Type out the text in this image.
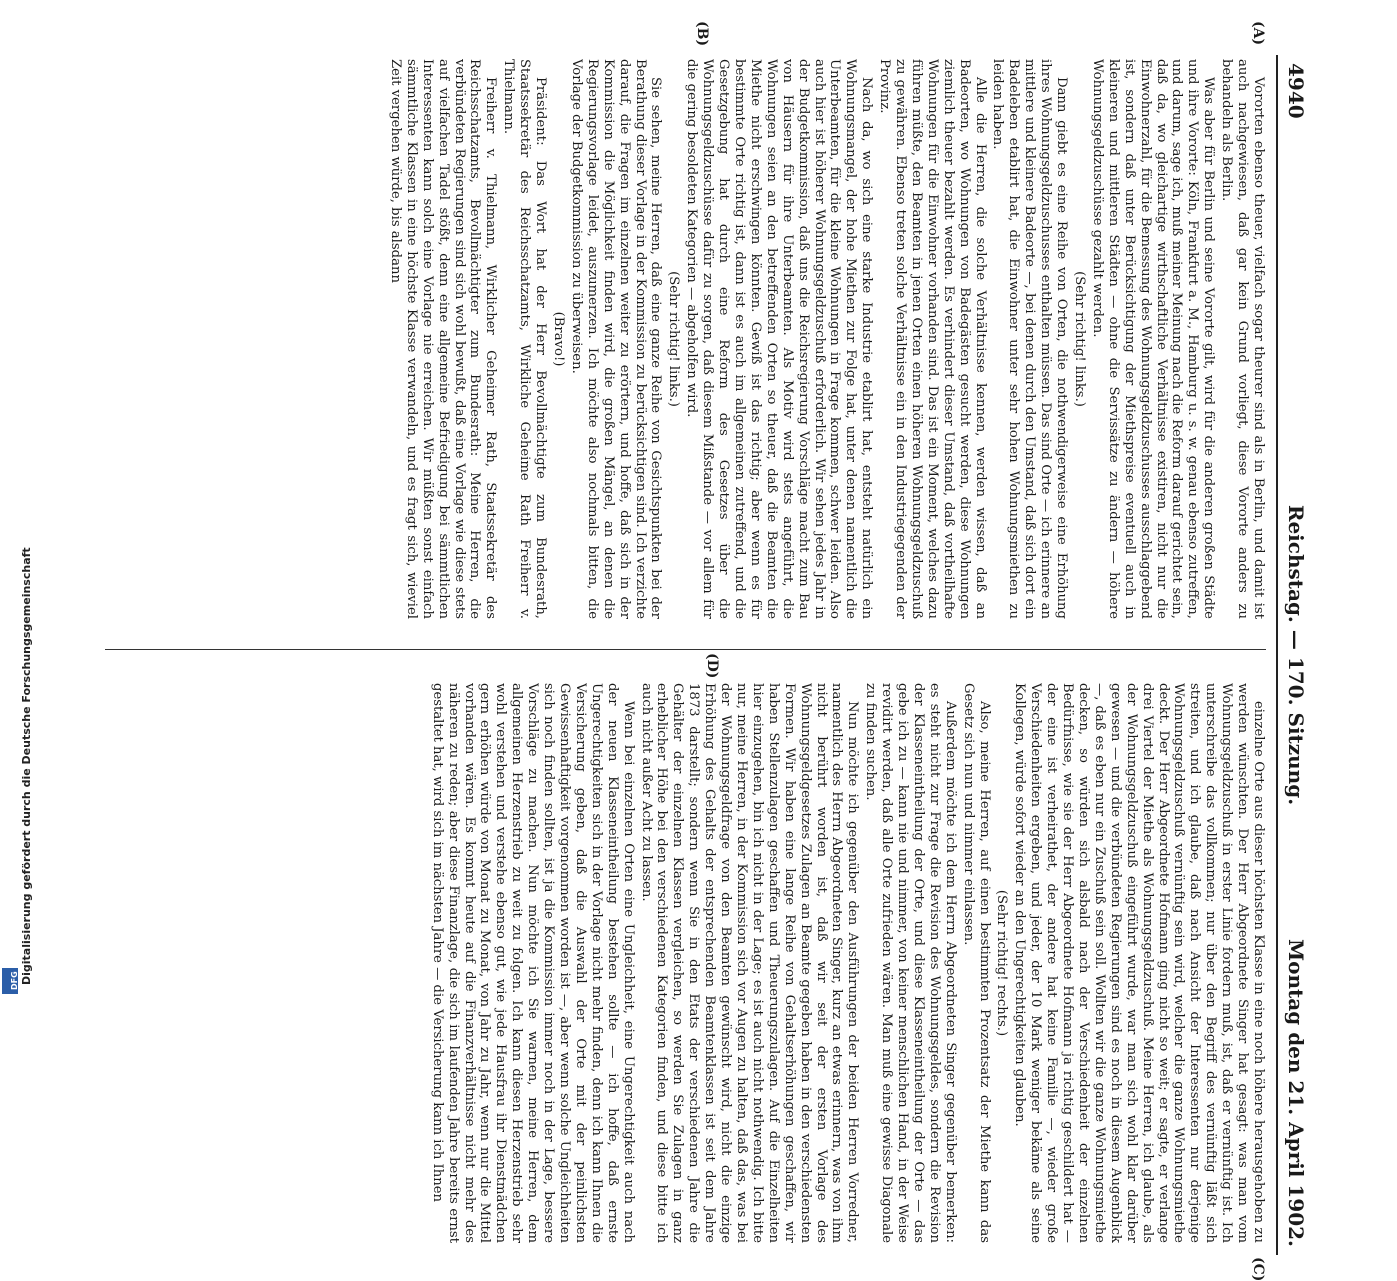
Digitalisierung gefördert durch die Deutsche Forschungsgemeinschaft
DFG
4940
Reichstag. — 170. Sitzung.
Montag den 21. April 1902.
(A)
(B)
(C)
(D)

Vororten ebenso theuer, vielfach sogar theurer sind als in Berlin, und damit ist auch nachgewiesen, daß gar kein Grund vorliegt, diese Vororte anders zu behandeln als Berlin.

Was aber für Berlin und seine Vororte gilt, wird für die anderen großen Städte und ihre Vororte: Köln, Frankfurt a. M., Hamburg u. s. w. genau ebenso zutreffen, und darum, sage ich, muß meiner Meinung nach die Reform darauf gerichtet sein, daß da, wo gleichartige wirthschaftliche Verhältnisse existiren, nicht nur die Einwohnerzahl, für die Bemessung des Wohnungsgeldzuschusses ausschlaggebend ist, sondern daß unter Berücksichtigung der Miethspreise eventuell auch in kleineren und mittleren Städten — ohne die Servissätze zu ändern — höhere Wohnungsgeldzuschüsse gezahlt werden.

(Sehr richtig! links.)

Dann giebt es eine Reihe von Orten, die nothwendigerweise eine Erhöhung ihres Wohnungsgeldzuschusses enthalten müssen. Das sind Orte — ich erinnere an mittlere und kleinere Badeorte —, bei denen durch den Umstand, daß sich dort ein Badeleben etablirt hat, die Einwohner unter sehr hohen Wohnungsmiethen zu leiden haben.

Alle die Herren, die solche Verhältnisse kennen, werden wissen, daß an Badeorten, wo Wohnungen von Badegästen gesucht werden, diese Wohnungen ziemlich theuer bezahlt werden. Es verhindert dieser Umstand, daß vortheilhafte Wohnungen für die Einwohner vorhanden sind. Das ist ein Moment, welches dazu führen müßte, den Beamten in jenen Orten einen höheren Wohnungsgeldzuschuß zu gewähren. Ebenso treten solche Verhältnisse ein in den Industriegegenden der Provinz.

Nach da, wo sich eine starke Industrie etablirt hat, entsteht natürlich ein Wohnungsmangel, der hohe Miethen zur Folge hat, unter denen namentlich die Unterbeamten, für die kleine Wohnungen in Frage kommen, schwer leiden. Also auch hier ist höherer Wohnungsgeldzuschuß erforderlich. Wir sehen jedes Jahr in der Budgetkommission, daß uns die Reichsregierung Vorschläge macht zum Bau von Häusern für ihre Unterbeamten. Als Motiv wird stets angeführt, die Wohnungen seien an den betreffenden Orten so theuer, daß die Beamten die Miethe nicht erschwingen könnten. Gewiß ist das richtig; aber wenn es für bestimmte Orte richtig ist, dann ist es auch im allgemeinen zutreffend, und die Gesetzgebung hat durch eine Reform des Gesetzes über die Wohnungsgeldzuschüsse dafür zu sorgen, daß diesem Mißstande — vor allem für die gering besoldeten Kategorien — abgeholfen wird.

(Sehr richtig! links.)

Sie sehen, meine Herren, daß eine ganze Reihe von Gesichtspunkten bei der Berathung dieser Vorlage in der Kommission zu berücksichtigen sind. Ich verzichte darauf, die Fragen im einzelnen weiter zu erörtern, und hoffe, daß sich in der Kommission die Möglichkeit finden wird, die großen Mängel, an denen die Regierungsvorlage leidet, auszumerzen. Ich möchte also nochmals bitten, die Vorlage der Budgetkommission zu überweisen.

(Bravo!)

Präsident: Das Wort hat der Herr Bevollmächtigte zum Bundesrath, Staatssekretär des Reichsschatzamts, Wirkliche Geheime Rath Freiherr v. Thielmann.

Freiherr v. Thielmann, Wirklicher Geheimer Rath, Staatssekretär des Reichsschatzamts, Bevollmächtigter zum Bundesrath: Meine Herren, die verbündeten Regierungen sind sich wohl bewußt, daß eine Vorlage wie diese stets auf vielfachen Tadel stößt, denn eine allgemeine Befriedigung bei sämmtlichen Interessenten kann solch eine Vorlage nie erreichen. Wir müßten sonst einfach sämmtliche Klassen in eine höchste Klasse verwandeln, und es fragt sich, wieviel Zeit vergehen würde, bis alsdann

einzelne Orte aus dieser höchsten Klasse in eine noch höhere herausgehoben zu werden wünschten. Der Herr Abgeordnete Singer hat gesagt: was man vom Wohnungsgeldzuschuß in erster Linie fordern muß, ist, daß er vernünftig ist. Ich unterschreibe das vollkommen; nur über den Begriff des vernünftig läßt sich streiten, und ich glaube, daß nach Ansicht der Interessenten nur derjenige Wohnungsgeldzuschuß vernünftig sein wird, welcher die ganze Wohnungsmiethe deckt. Der Herr Abgeordnete Hofmann ging nicht so weit; er sagte, er verlange drei Viertel der Miethe als Wohnungsgeldzuschuß. Meine Herren, ich glaube, als der Wohnungsgeldzuschuß eingeführt wurde, war man sich wohl klar darüber gewesen — und die verbündeten Regierungen sind es noch in diesem Augenblick —, daß es eben nur ein Zuschuß sein soll. Wollten wir die ganze Wohnungsmiethe decken, so würden sich alsbald nach der Verschiedenheit der einzelnen Bedürfnisse, wie sie der Herr Abgeordnete Hofmann ja richtig geschildert hat — der eine ist verheirathet, der andere hat keine Familie —, wieder große Verschiedenheiten ergeben, und jeder, der 10 Mark weniger bekäme als seine Kollegen, würde sofort wieder an den Ungerechtigkeiten glauben.

(Sehr richtig! rechts.)

Also, meine Herren, auf einen bestimmten Prozentsatz der Miethe kann das Gesetz sich nun und nimmer einlassen.

Außerdem möchte ich dem Herrn Abgeordneten Singer gegenüber bemerken: es steht nicht zur Frage die Revision des Wohnungsgeldes, sondern die Revision der Klasseneintheilung der Orte, und diese Klasseneintheilung der Orte — das gebe ich zu — kann nie und nimmer, von keiner menschlichen Hand, in der Weise revidirt werden, daß alle Orte zufrieden wären. Man muß eine gewisse Diagonale zu finden suchen.

Nun möchte ich gegenüber den Ausführungen der beiden Herren Vorredner, namentlich des Herrn Abgeordneten Singer, kurz an etwas erinnern, was von ihm nicht berührt worden ist, daß wir seit der ersten Vorlage des Wohnungsgeldgesetzes Zulagen an Beamte gegeben haben in den verschiedensten Formen. Wir haben eine lange Reihe von Gehaltserhöhungen geschaffen, wir haben Stellenzulagen geschaffen und Theuerungszulagen. Auf die Einzelheiten hier einzugehen, bin ich nicht in der Lage; es ist auch nicht nothwendig. Ich bitte nur, meine Herren, in der Kommission sich vor Augen zu halten, daß das, was bei der Wohnungsgeldfrage von den Beamten gewünscht wird, nicht die einzige Erhöhung des Gehalts der entsprechenden Beamtenklassen ist seit dem Jahre 1873 darstellt; sondern wenn Sie in den Etats der verschiedenen Jahre die Gehälter der einzelnen Klassen vergleichen, so werden Sie Zulagen in ganz erheblicher Höhe bei den verschiedenen Kategorien finden, und diese bitte ich auch nicht außer Acht zu lassen.

Wenn bei einzelnen Orten eine Ungleichheit, eine Ungerechtigkeit auch nach der neuen Klasseneintheilung bestehen sollte — ich hoffe, daß ernste Ungerechtigkeiten sich in der Vorlage nicht mehr finden, denn ich kann Ihnen die Versicherung geben, daß die Auswahl der Orte mit der peinlichsten Gewissenhaftigkeit vorgenommen worden ist —, aber wenn solche Ungleichheiten sich noch finden sollten, ist ja die Kommission immer noch in der Lage, bessere Vorschläge zu machen. Nun möchte ich Sie warnen, meine Herren, dem allgemeinen Herzenstrieb zu weit zu folgen. Ich kann diesen Herzenstrieb sehr wohl verstehen und verstehe ebenso gut, wie jede Hausfrau ihr Dienstmädchen gern erhöhen würde von Monat zu Monat, von Jahr zu Jahr, wenn nur die Mittel vorhanden wären. Es kommt heute auf die Finanzverhältnisse nicht mehr des näheren zu reden; aber diese Finanzlage, die sich im laufenden Jahre bereits ernst gestaltet hat, wird sich im nächsten Jahre — die Versicherung kann ich Ihnen
